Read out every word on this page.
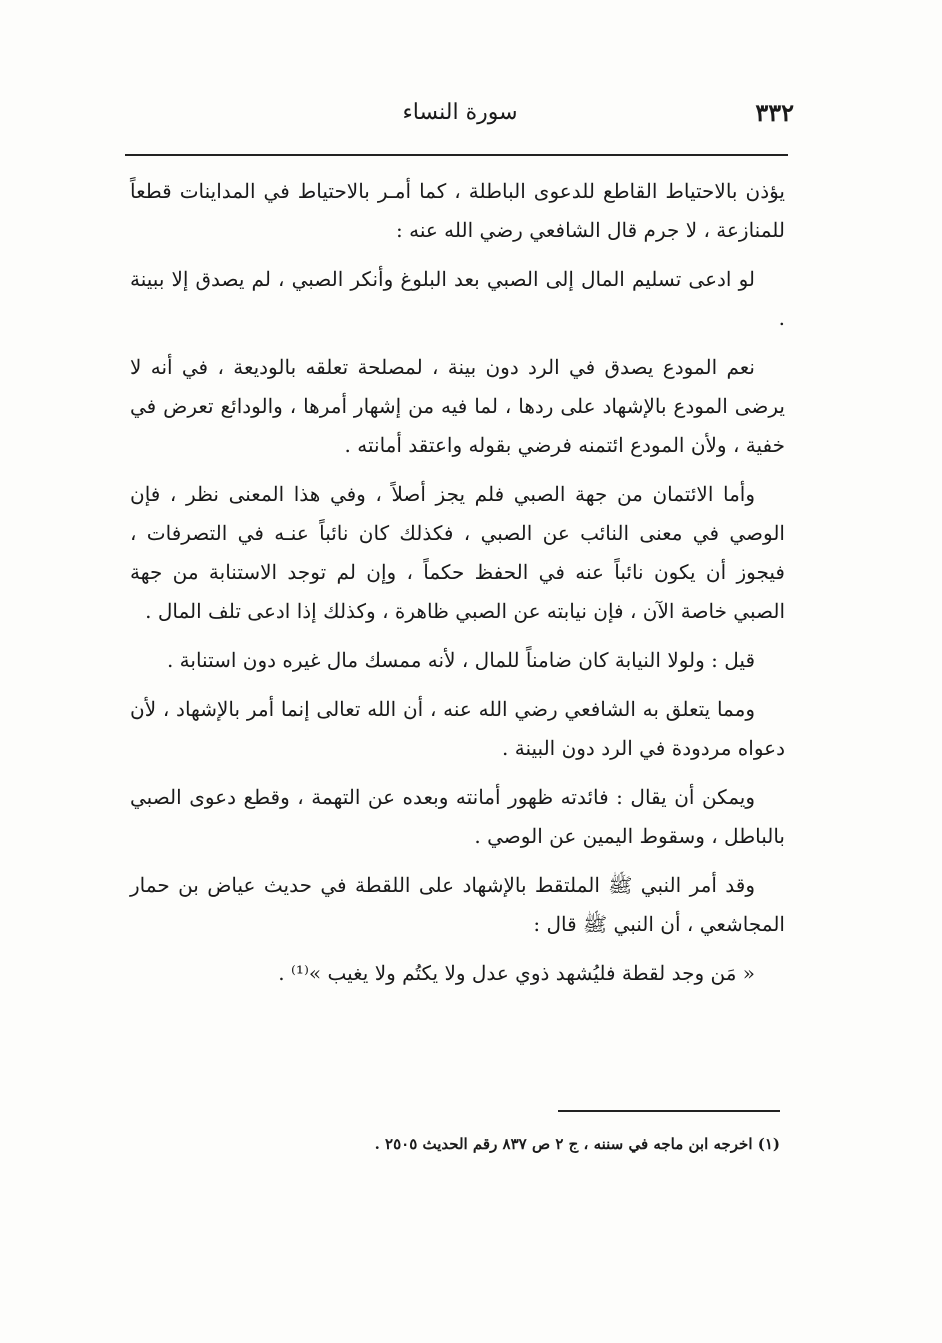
٣٣٢
سورة النساء

يؤذن بالاحتياط القاطع للدعوى الباطلة ، كما أمـر بالاحتياط في المداينات قطعاً للمنازعة ، لا جرم قال الشافعي رضي الله عنه :

لو ادعى تسليم المال إلى الصبي بعد البلوغ وأنكر الصبي ، لم يصدق إلا ببينة .

نعم المودع يصدق في الرد دون بينة ، لمصلحة تعلقه بالوديعة ، في أنه لا يرضى المودع بالإشهاد على ردها ، لما فيه من إشهار أمرها ، والودائع تعرض في خفية ، ولأن المودع ائتمنه فرضي بقوله واعتقد أمانته .

وأما الائتمان من جهة الصبي فلم يجز أصلاً ، وفي هذا المعنى نظر ، فإن الوصي في معنى النائب عن الصبي ، فكذلك كان نائباً عنـه في التصرفات ، فيجوز أن يكون نائباً عنه في الحفظ حكماً ، وإن لم توجد الاستنابة من جهة الصبي خاصة الآن ، فإن نيابته عن الصبي ظاهرة ، وكذلك إذا ادعى تلف المال .

قيل : ولولا النيابة كان ضامناً للمال ، لأنه ممسك مال غيره دون استنابة .

ومما يتعلق به الشافعي رضي الله عنه ، أن الله تعالى إنما أمر بالإشهاد ، لأن دعواه مردودة في الرد دون البينة .

ويمكن أن يقال : فائدته ظهور أمانته وبعده عن التهمة ، وقطع دعوى الصبي بالباطل ، وسقوط اليمين عن الوصي .

وقد أمر النبي ﷺ الملتقط بالإشهاد على اللقطة في حديث عياض بن حمار المجاشعي ، أن النبي ﷺ قال :

« مَن وجد لقطة فليُشهد ذوي عدل ولا يكتُم ولا يغيب »⁽¹⁾ .

(١) اخرجه ابن ماجه في سننه ، ج ٢ ص ٨٣٧ رقم الحديث ٢٥٠٥ .
